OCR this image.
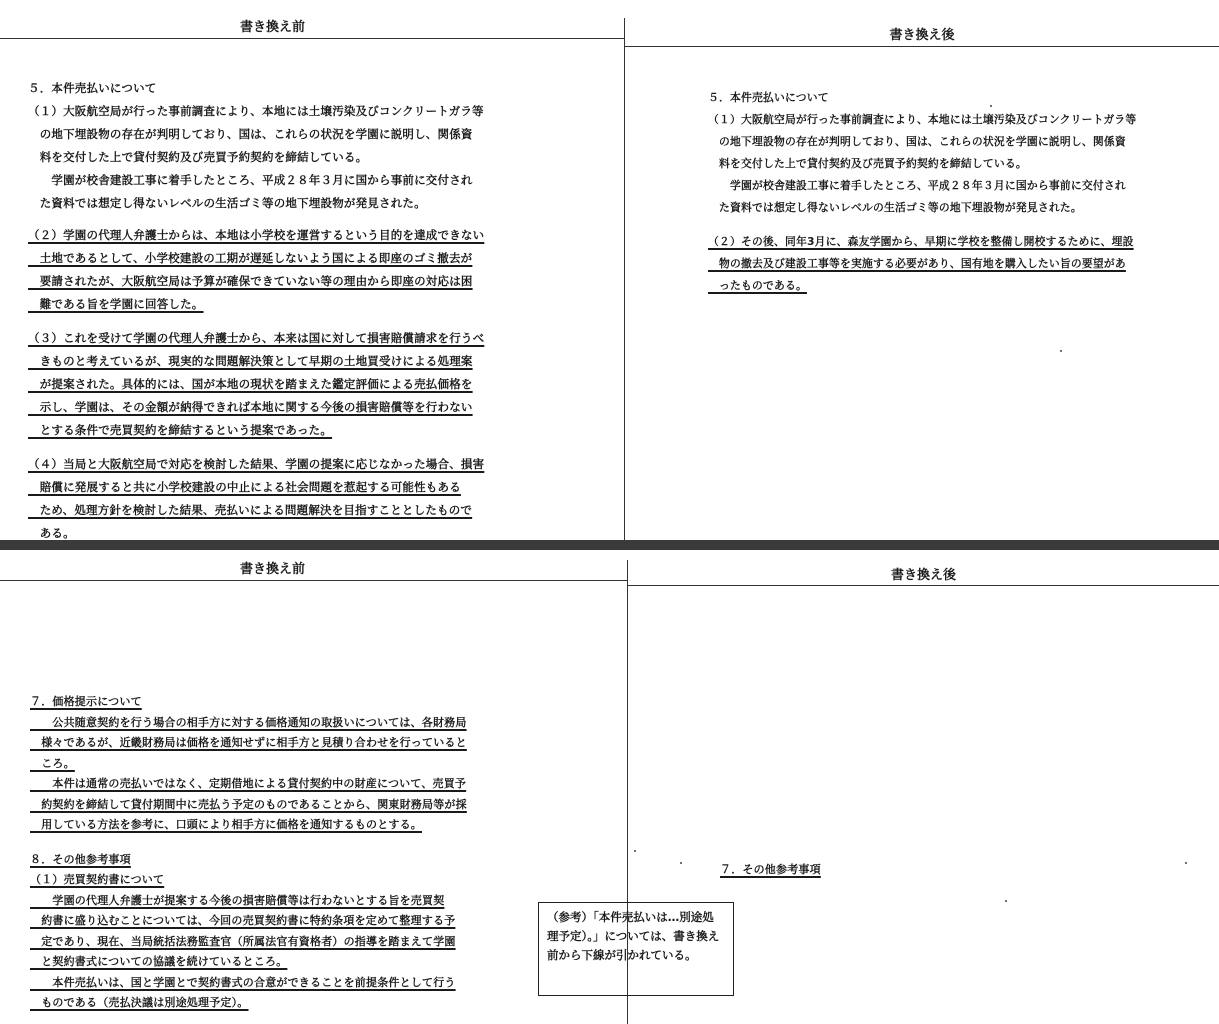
書き換え前
書き換え後

５．本件売払いについて

（１）大阪航空局が行った事前調査により、本地には土壌汚染及びコンクリートガラ等

　の地下埋設物の存在が判明しており、国は、これらの状況を学園に説明し、関係資

　料を交付した上で貸付契約及び売買予約契約を締結している。

　　学園が校舎建設工事に着手したところ、平成２８年３月に国から事前に交付され

　た資料では想定し得ないレベルの生活ゴミ等の地下埋設物が発見された。

（２）学園の代理人弁護士からは、本地は小学校を運営するという目的を達成できない

　土地であるとして、小学校建設の工期が遅延しないよう国による即座のゴミ撤去が

　要請されたが、大阪航空局は予算が確保できていない等の理由から即座の対応は困

　難である旨を学園に回答した。

（３）これを受けて学園の代理人弁護士から、本来は国に対して損害賠償請求を行うべ

　きものと考えているが、現実的な問題解決策として早期の土地買受けによる処理案

　が提案された。具体的には、国が本地の現状を踏まえた鑑定評価による売払価格を

　示し、学園は、その金額が納得できれば本地に関する今後の損害賠償等を行わない

　とする条件で売買契約を締結するという提案であった。

（４）当局と大阪航空局で対応を検討した結果、学園の提案に応じなかった場合、損害

　賠償に発展すると共に小学校建設の中止による社会問題を惹起する可能性もある

　ため、処理方針を検討した結果、売払いによる問題解決を目指すこととしたもので

　ある。

５．本件売払いについて

（１）大阪航空局が行った事前調査により、本地には土壌汚染及びコンクリートガラ等

　の地下埋設物の存在が判明しており、国は、これらの状況を学園に説明し、関係資

　料を交付した上で貸付契約及び売買予約契約を締結している。

　　学園が校舎建設工事に着手したところ、平成２８年３月に国から事前に交付され

　た資料では想定し得ないレベルの生活ゴミ等の地下埋設物が発見された。

（２）その後、同年3月に、森友学園から、早期に学校を整備し開校するために、埋設

　物の撤去及び建設工事等を実施する必要があり、国有地を購入したい旨の要望があ

　ったものである。

書き換え前	書き換え後

７．価格提示について

　　公共随意契約を行う場合の相手方に対する価格通知の取扱いについては、各財務局

　様々であるが、近畿財務局は価格を通知せずに相手方と見積り合わせを行っていると

　ころ。

　　本件は通常の売払いではなく、定期借地による貸付契約中の財産について、売買予

　約契約を締結して貸付期間中に売払う予定のものであることから、関東財務局等が採

　用している方法を参考に、口頭により相手方に価格を通知するものとする。

８．その他参考事項

（１）売買契約書について

　　学園の代理人弁護士が提案する今後の損害賠償等は行わないとする旨を売買契

　約書に盛り込むことについては、今回の売買契約書に特約条項を定めて整理する予

　定であり、現在、当局統括法務監査官（所属法官有資格者）の指導を踏まえて学園

　と契約書式についての協議を続けているところ。

　　本件売払いは、国と学園とで契約書式の合意ができることを前提条件として行う

　ものである（売払決議は別途処理予定）。

７．その他参考事項

（参考）「本件売払いは…別途処理予定）。」については、書き換え前から下線が引かれている。
